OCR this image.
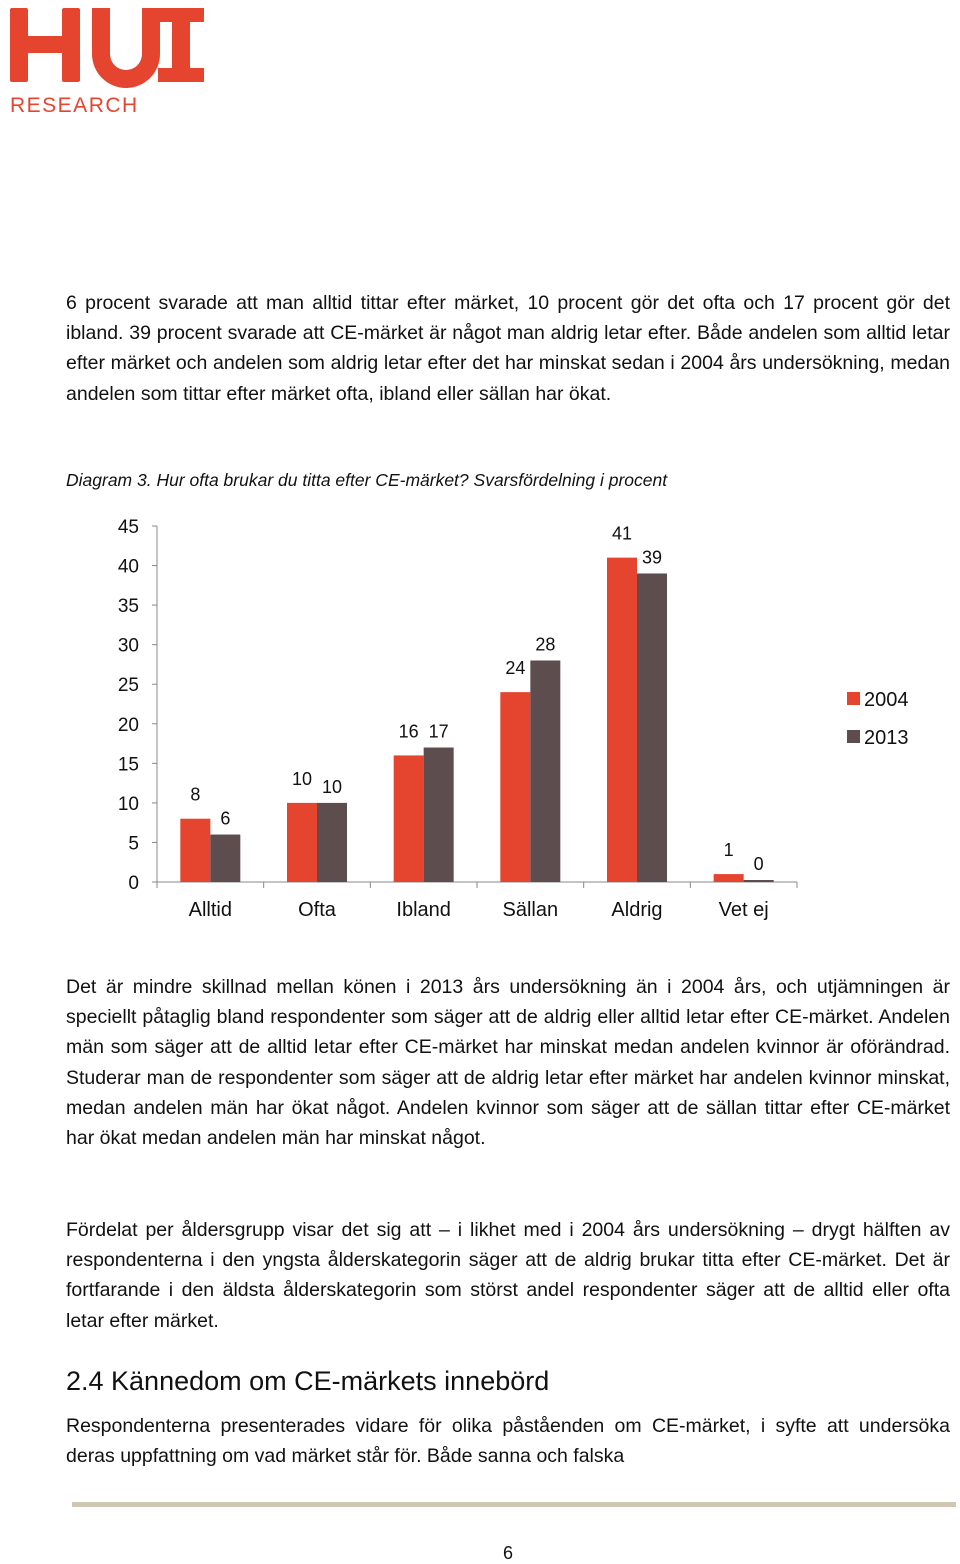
RESEARCH

6 procent svarade att man alltid tittar efter märket, 10 procent gör det ofta och 17 procent gör det ibland. 39 procent svarade att CE-märket är något man aldrig letar efter. Både andelen som alltid letar efter märket och andelen som aldrig letar efter det har minskat sedan i 2004 års undersökning, medan andelen som tittar efter märket ofta, ibland eller sällan har ökat.

Diagram 3. Hur ofta brukar du titta efter CE-märket? Svarsfördelning i procent

0
5
10
15
20
25
30
35
40
45
Alltid	Ofta	Ibland	Sällan	Aldrig	Vet ej
8
10
16
24
41
1
6
10
17
28
39
0
2004
2013

Det är mindre skillnad mellan könen i 2013 års undersökning än i 2004 års, och utjämningen är speciellt påtaglig bland respondenter som säger att de aldrig eller alltid letar efter CE-märket. Andelen män som säger att de alltid letar efter CE-märket har minskat medan andelen kvinnor är oförändrad. Studerar man de respondenter som säger att de aldrig letar efter märket har andelen kvinnor minskat, medan andelen män har ökat något. Andelen kvinnor som säger att de sällan tittar efter CE-märket har ökat medan andelen män har minskat något.

Fördelat per åldersgrupp visar det sig att – i likhet med i 2004 års undersökning – drygt hälften av respondenterna i den yngsta ålderskategorin säger att de aldrig brukar titta efter CE-märket. Det är fortfarande i den äldsta ålderskategorin som störst andel respondenter säger att de alltid eller ofta letar efter märket.

2.4 Kännedom om CE-märkets innebörd

Respondenterna presenterades vidare för olika påståenden om CE-märket, i syfte att undersöka deras uppfattning om vad märket står för. Både sanna och falska

6
